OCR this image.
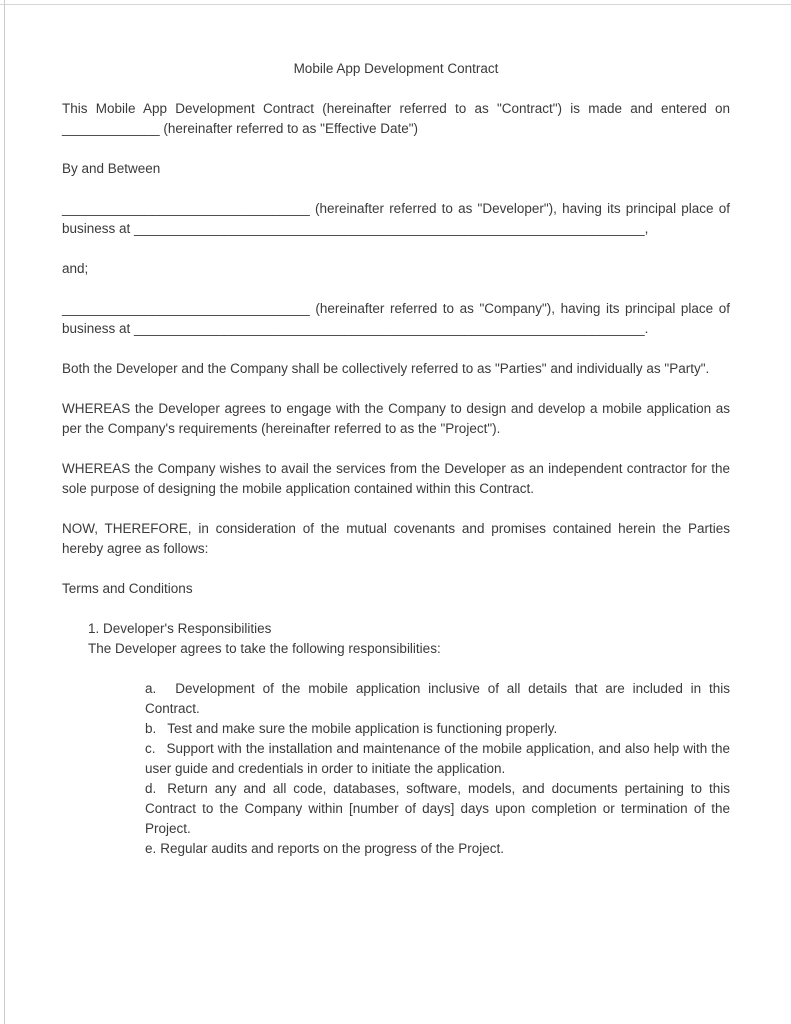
Mobile App Development Contract

This Mobile App Development Contract (hereinafter referred to as "Contract") is made and entered on _____________ (hereinafter referred to as "Effective Date")

By and Between

_________________________________ (hereinafter referred to as "Developer"), having its principal place of business at ____________________________________________________________________,

and;

_________________________________ (hereinafter referred to as "Company"), having its principal place of business at ____________________________________________________________________.

Both the Developer and the Company shall be collectively referred to as "Parties" and individually as "Party".

WHEREAS the Developer agrees to engage with the Company to design and develop a mobile application as per the Company's requirements (hereinafter referred to as the "Project").

WHEREAS the Company wishes to avail the services from the Developer as an independent contractor for the sole purpose of designing the mobile application contained within this Contract.

NOW, THEREFORE, in consideration of the mutual covenants and promises contained herein the Parties hereby agree as follows:

Terms and Conditions

1. Developer's Responsibilities

The Developer agrees to take the following responsibilities:

a. Development of the mobile application inclusive of all details that are included in this Contract.

b. Test and make sure the mobile application is functioning properly.

c. Support with the installation and maintenance of the mobile application, and also help with the user guide and credentials in order to initiate the application.

d. Return any and all code, databases, software, models, and documents pertaining to this Contract to the Company within [number of days] days upon completion or termination of the Project.

e. Regular audits and reports on the progress of the Project.
